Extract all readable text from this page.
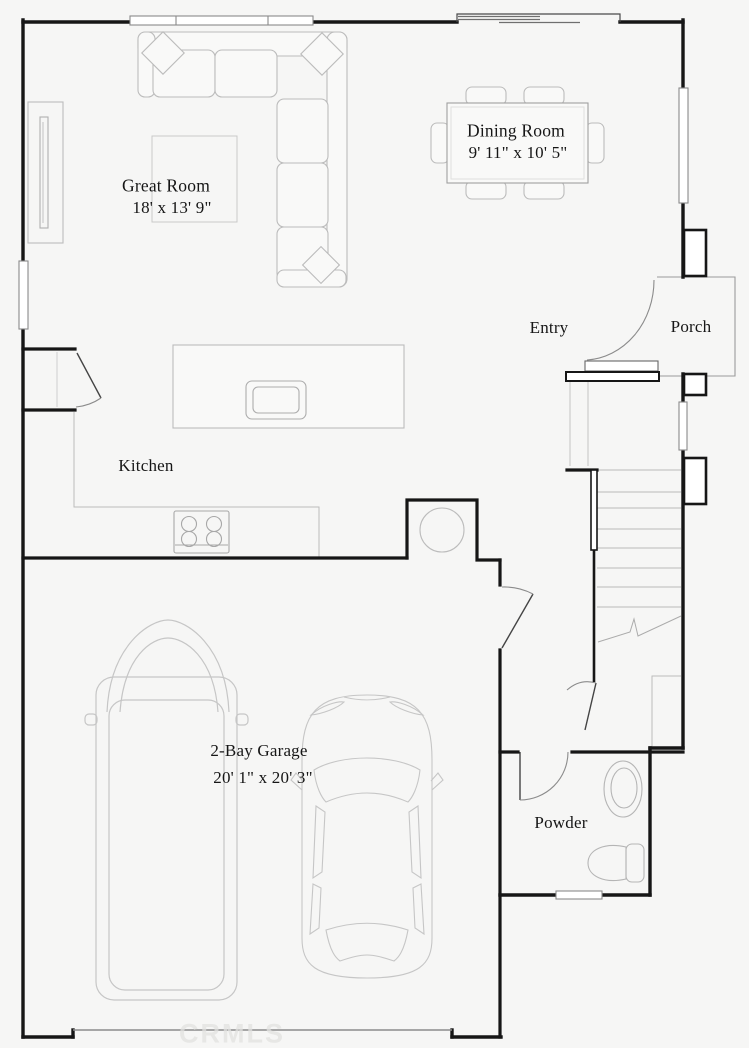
Great Room
18' x 13' 9"
Dining Room
9' 11" x 10' 5"
Kitchen
Entry	Porch
2-Bay Garage
20' 1" x 20' 3"
Powder
CRMLS
